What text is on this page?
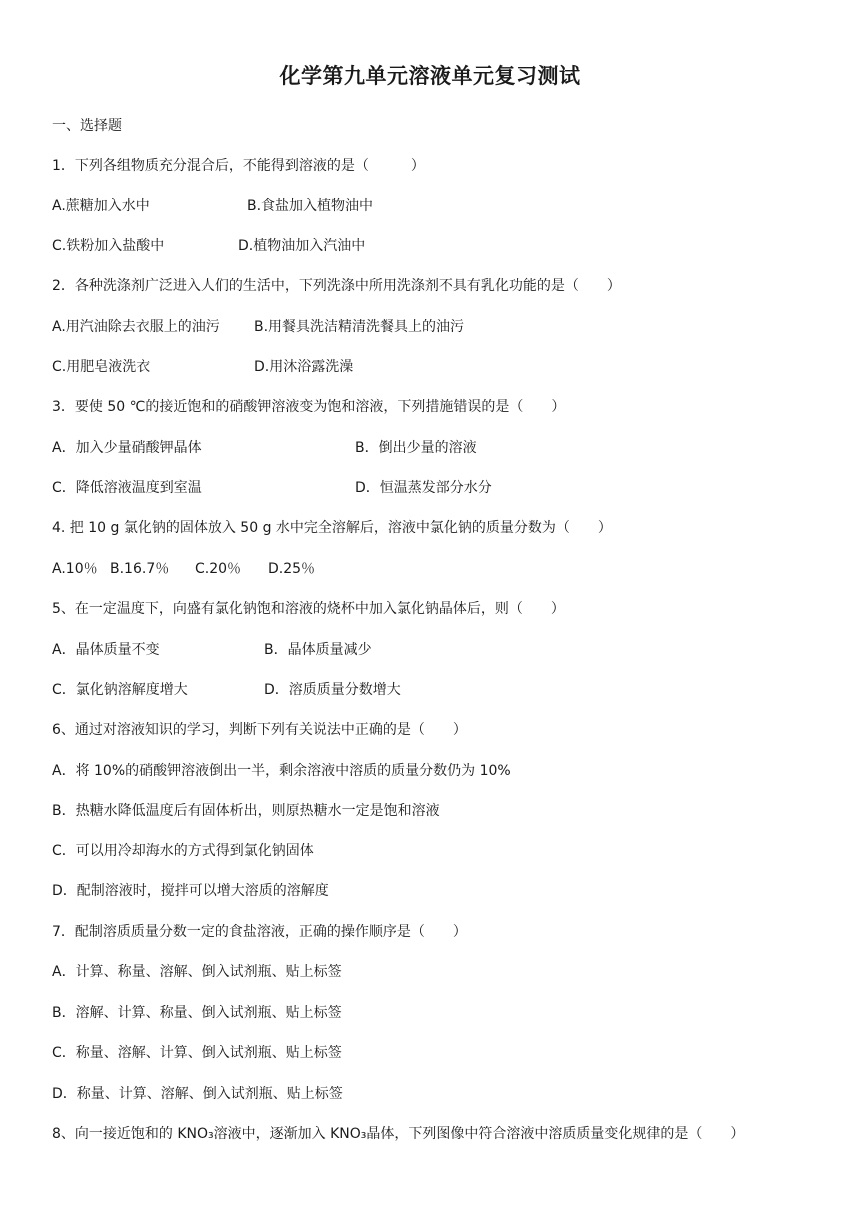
化学第九单元溶液单元复习测试
一、选择题
1．下列各组物质充分混合后，不能得到溶液的是（　　　）
A.蔗糖加入水中	B.食盐加入植物油中
C.铁粉加入盐酸中	D.植物油加入汽油中
2．各种洗涤剂广泛进入人们的生活中，下列洗涤中所用洗涤剂不具有乳化功能的是（　　）
A.用汽油除去衣服上的油污 B.用餐具洗洁精清洗餐具上的油污
C.用肥皂液洗衣	D.用沐浴露洗澡
3．要使 50 ℃的接近饱和的硝酸钾溶液变为饱和溶液，下列措施错误的是（　　）
A．加入少量硝酸钾晶体	B．倒出少量的溶液
C．降低溶液温度到室温	D．恒温蒸发部分水分
4. 把 10 g 氯化钠的固体放入 50 g 水中完全溶解后，溶液中氯化钠的质量分数为（　　）
A.10％ B.16.7％ C.20％ D.25％
5、在一定温度下，向盛有氯化钠饱和溶液的烧杯中加入氯化钠晶体后，则（　　）
A．晶体质量不变	B．晶体质量减少
C．氯化钠溶解度增大	D．溶质质量分数增大
6、通过对溶液知识的学习，判断下列有关说法中正确的是（　　）
A．将 10%的硝酸钾溶液倒出一半，剩余溶液中溶质的质量分数仍为 10%
B．热糖水降低温度后有固体析出，则原热糖水一定是饱和溶液
C．可以用冷却海水的方式得到氯化钠固体
D．配制溶液时，搅拌可以增大溶质的溶解度
7．配制溶质质量分数一定的食盐溶液，正确的操作顺序是（　　）
A．计算、称量、溶解、倒入试剂瓶、贴上标签
B．溶解、计算、称量、倒入试剂瓶、贴上标签
C．称量、溶解、计算、倒入试剂瓶、贴上标签
D．称量、计算、溶解、倒入试剂瓶、贴上标签
8、向一接近饱和的 KNO₃溶液中，逐渐加入 KNO₃晶体，下列图像中符合溶液中溶质质量变化规律的是（　　）
